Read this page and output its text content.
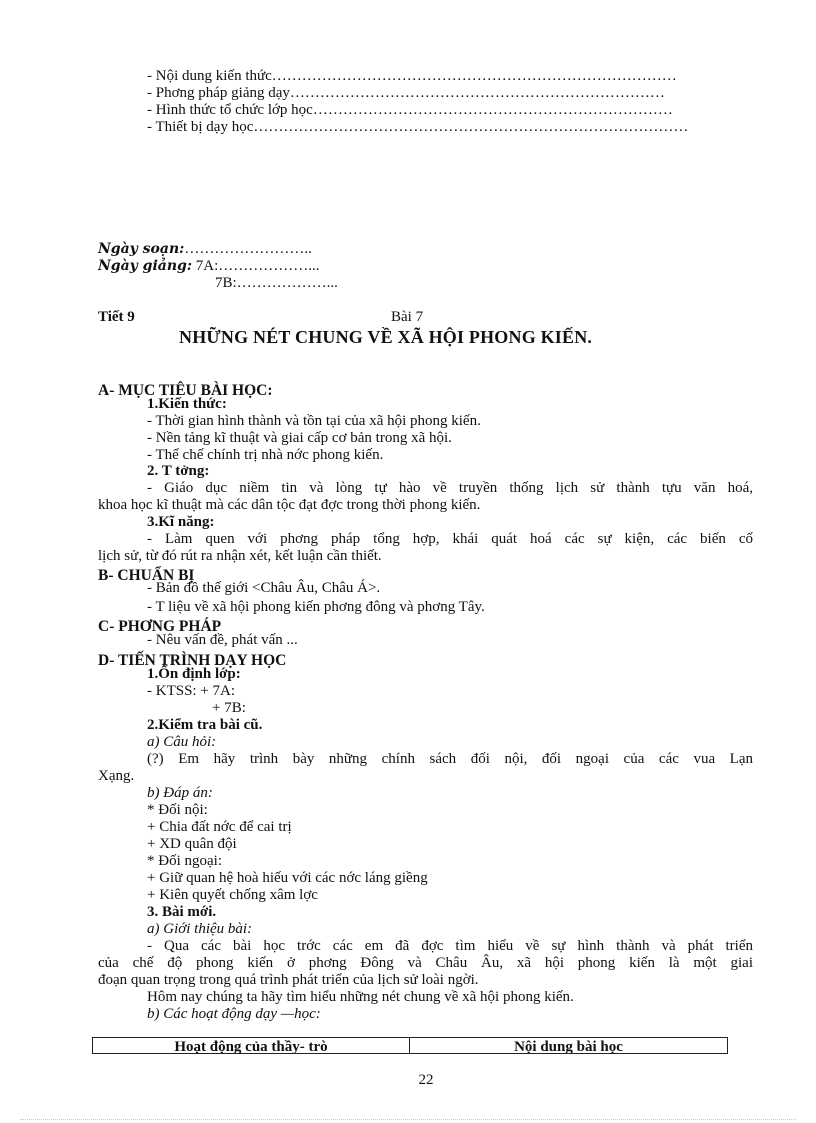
- Nội dung kiến thức………………………………………………………………………
- Phơng pháp giảng dạy…………………………………………………………………
- Hình thức tổ chức lớp học………………………………………………………………
- Thiết bị dạy học……………………………………………………………………………
Ngày soạn:……………………..
Ngày giảng: 7A:………………...
7B:………………...
Tiết 9	Bài 7
NHỮNG NÉT CHUNG VỀ XÃ HỘI PHONG KIẾN.
A- MỤC TIÊU BÀI HỌC:
1.Kiến thức:
- Thời gian hình thành và tồn tại của xã hội phong kiến.
- Nền tảng kĩ thuật và giai cấp cơ bản trong xã hội.
- Thể chế chính trị nhà nớc phong kiến.
2. T tởng:
- Giáo dục niềm tin và lòng tự hào về truyền thống lịch sử thành tựu văn hoá,
khoa học kĩ thuật mà các dân tộc đạt đợc trong thời phong kiến.
3.Kĩ năng:
- Làm quen với phơng pháp tổng hợp, khái quát hoá các sự kiện, các biến cố
lịch sử, từ đó rút ra nhận xét, kết luận cần thiết.
B- CHUẨN BỊ
- Bản đồ thế giới <Châu Âu, Châu Á>.
- T liệu về xã hội phong kiến phơng đông và phơng Tây.
C- PHƠNG PHÁP
- Nêu vấn đề, phát vấn ...
D- TIẾN TRÌNH DẠY HỌC
1.Ổn định lớp:
- KTSS: + 7A:
+ 7B:
2.Kiểm tra bài cũ.
a) Câu hỏi:
(?) Em hãy trình bày những chính sách đối nội, đối ngoại của các vua Lạn
Xạng.
b) Đáp án:
* Đối nội:
+ Chia đất nớc để cai trị
+ XD quân đội
* Đối ngoại:
+ Giữ quan hệ hoà hiếu với các nớc láng giềng
+ Kiên quyết chống xâm lợc
3. Bài mới.
a) Giới thiệu bài:
- Qua các bài học trớc các em đã đợc tìm hiểu về sự hình thành và phát triển
của chế độ phong kiến ở phơng Đông và Châu Âu, xã hội phong kiến là một giai
đoạn quan trọng trong quá trình phát triển của lịch sử loài ngời.
Hôm nay chúng ta hãy tìm hiểu những nét chung về xã hội phong kiến.
b) Các hoạt động dạy —học:
Hoạt động của thầy- trò	Nội dung bài học
22
